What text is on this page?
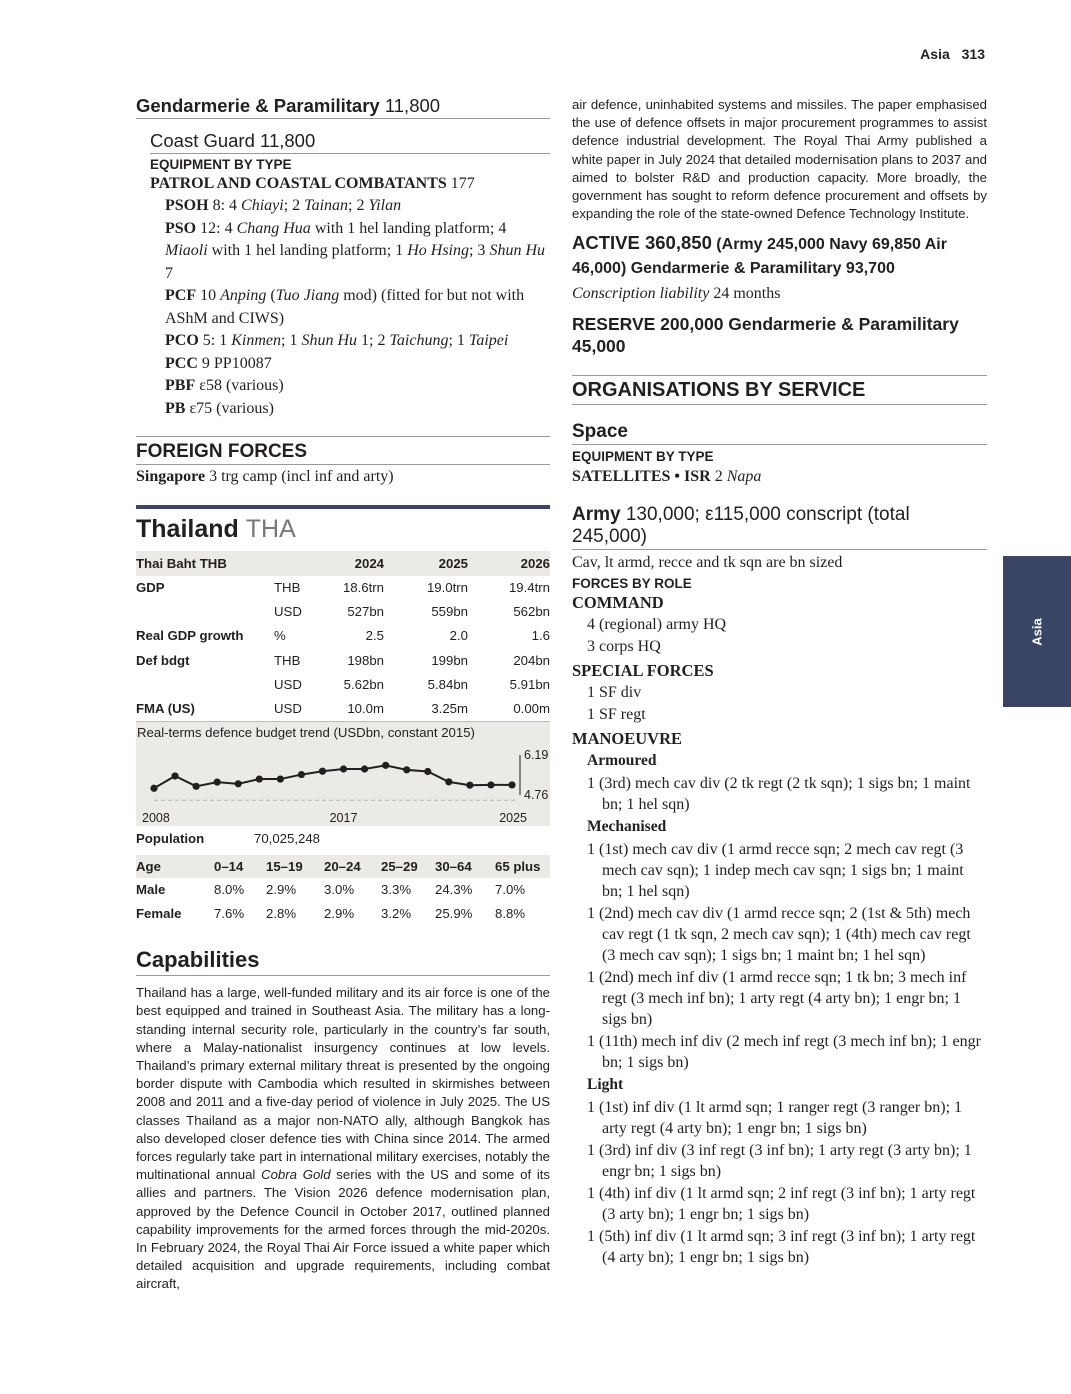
Asia 313
Asia
Gendarmerie & Paramilitary 11,800
Coast Guard 11,800
EQUIPMENT BY TYPE
PATROL AND COASTAL COMBATANTS 177
PSOH 8: 4 Chiayi; 2 Tainan; 2 Yilan
PSO 12: 4 Chang Hua with 1 hel landing platform; 4 Miaoli with 1 hel landing platform; 1 Ho Hsing; 3 Shun Hu 7
PCF 10 Anping (Tuo Jiang mod) (fitted for but not with AShM and CIWS)
PCO 5: 1 Kinmen; 1 Shun Hu 1; 2 Taichung; 1 Taipei
PCC 9 PP10087
PBF ε58 (various)
PB ε75 (various)
FOREIGN FORCES
Singapore 3 trg camp (incl inf and arty)
Thailand THA
Thai Baht THB		2024	2025	2026
GDP	THB	18.6trn	19.0trn	19.4trn
	USD	527bn	559bn	562bn
Real GDP growth	%	2.5	2.0	1.6
Def bdgt	THB	198bn	199bn	204bn
	USD	5.62bn	5.84bn	5.91bn
FMA (US)	USD	10.0m	3.25m	0.00m
Real-terms defence budget trend (USDbn, constant 2015)
6.19
4.76
2008	2017	2025
Population	70,025,248
Age	0–14	15–19	20–24	25–29	30–64	65 plus
Male	8.0%	2.9%	3.0%	3.3%	24.3%	7.0%
Female	7.6%	2.8%	2.9%	3.2%	25.9%	8.8%
Capabilities
Thailand has a large, well-funded military and its air force is one of the best equipped and trained in Southeast Asia. The military has a long-standing internal security role, particularly in the country’s far south, where a Malay-nationalist insurgency continues at low levels. Thailand’s primary external military threat is presented by the ongoing border dispute with Cambodia which resulted in skirmishes between 2008 and 2011 and a five-day period of violence in July 2025. The US classes Thailand as a major non-NATO ally, although Bangkok has also developed closer defence ties with China since 2014. The armed forces regularly take part in international military exercises, notably the multinational annual Cobra Gold series with the US and some of its allies and partners. The Vision 2026 defence modernisation plan, approved by the Defence Council in October 2017, outlined planned capability improvements for the armed forces through the mid-2020s. In February 2024, the Royal Thai Air Force issued a white paper which detailed acquisition and upgrade requirements, including combat aircraft,
air defence, uninhabited systems and missiles. The paper emphasised the use of defence offsets in major procurement programmes to assist defence industrial development. The Royal Thai Army published a white paper in July 2024 that detailed modernisation plans to 2037 and aimed to bolster R&D and production capacity. More broadly, the government has sought to reform defence procurement and offsets by expanding the role of the state-owned Defence Technology Institute.
ACTIVE 360,850 (Army 245,000 Navy 69,850 Air 46,000) Gendarmerie & Paramilitary 93,700
Conscription liability 24 months
RESERVE 200,000 Gendarmerie & Paramilitary 45,000
ORGANISATIONS BY SERVICE
Space
EQUIPMENT BY TYPE
SATELLITES • ISR 2 Napa
Army 130,000; ε115,000 conscript (total 245,000)
Cav, lt armd, recce and tk sqn are bn sized
FORCES BY ROLE
COMMAND
4 (regional) army HQ
3 corps HQ
SPECIAL FORCES
1 SF div
1 SF regt
MANOEUVRE
Armoured
1 (3rd) mech cav div (2 tk regt (2 tk sqn); 1 sigs bn; 1 maint bn; 1 hel sqn)
Mechanised
1 (1st) mech cav div (1 armd recce sqn; 2 mech cav regt (3 mech cav sqn); 1 indep mech cav sqn; 1 sigs bn; 1 maint bn; 1 hel sqn)
1 (2nd) mech cav div (1 armd recce sqn; 2 (1st & 5th) mech cav regt (1 tk sqn, 2 mech cav sqn); 1 (4th) mech cav regt (3 mech cav sqn); 1 sigs bn; 1 maint bn; 1 hel sqn)
1 (2nd) mech inf div (1 armd recce sqn; 1 tk bn; 3 mech inf regt (3 mech inf bn); 1 arty regt (4 arty bn); 1 engr bn; 1 sigs bn)
1 (11th) mech inf div (2 mech inf regt (3 mech inf bn); 1 engr bn; 1 sigs bn)
Light
1 (1st) inf div (1 lt armd sqn; 1 ranger regt (3 ranger bn); 1 arty regt (4 arty bn); 1 engr bn; 1 sigs bn)
1 (3rd) inf div (3 inf regt (3 inf bn); 1 arty regt (3 arty bn); 1 engr bn; 1 sigs bn)
1 (4th) inf div (1 lt armd sqn; 2 inf regt (3 inf bn); 1 arty regt (3 arty bn); 1 engr bn; 1 sigs bn)
1 (5th) inf div (1 lt armd sqn; 3 inf regt (3 inf bn); 1 arty regt (4 arty bn); 1 engr bn; 1 sigs bn)
